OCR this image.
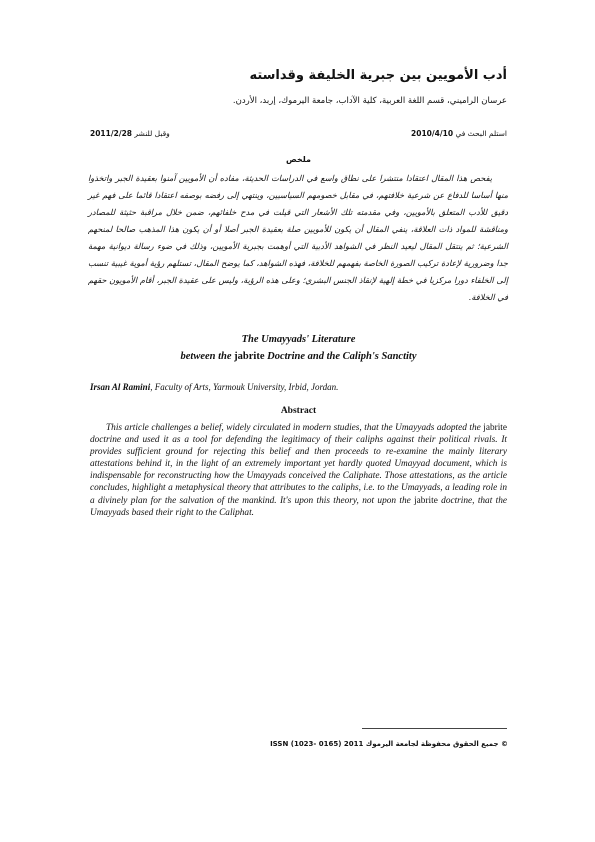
أدب الأمويين بين جبرية الخليفة وقداسته
عرسان الراميني، قسم اللغة العربية، كلية الآداب، جامعة اليرموك، إربد، الأردن.
استلم البحث في 2010/4/10
وقبل للنشر 2011/2/28
ملخص
يفحص هذا المقال اعتقادا منتشرا على نطاق واسع في الدراسات الحديثة، مفاده أن الأمويين آمنوا بعقيدة الجبر واتخذوا منها أساسا للدفاع عن شرعية خلافتهم، في مقابل خصومهم السياسيين، وينتهي إلى رفضه بوصفه اعتقادا قائما على فهم غير دقيق للأدب المتعلق بالأمويين، وفي مقدمته تلك الأشعار التي قيلت في مدح خلفائهم، ضمن خلال مراقبة حثيثة للمصادر ومناقشة للمواد ذات العلاقة، ينفي المقال أن يكون للأمويين صلة بعقيدة الجبر أصلا أو أن يكون هذا المذهب صالحا لمنحهم الشرعية؛ ثم ينتقل المقال ليعيد النظر في الشواهد الأدبية التي أوهمت بجبرية الأمويين، وذلك في ضوء رسالة ديوانية مهمة جدا وضرورية لإعادة تركيب الصورة الخاصة بفهمهم للخلافة، فهذه الشواهد، كما يوضح المقال، تستلهم رؤية أموية غيبية تنسب إلى الخلفاء دورا مركزيا في خطة إلهية لإنقاذ الجنس البشري؛ وعلى هذه الرؤية، وليس على عقيدة الجبر، أقام الأمويون حقهم في الخلافة.
The Umayyads' Literature
between the jabrite Doctrine and the Caliph's Sanctity
Irsan Al Ramini, Faculty of Arts, Yarmouk University, Irbid, Jordan.
Abstract
This article challenges a belief, widely circulated in modern studies, that the Umayyads adopted the jabrite doctrine and used it as a tool for defending the legitimacy of their caliphs against their political rivals. It provides sufficient ground for rejecting this belief and then proceeds to re-examine the mainly literary attestations behind it, in the light of an extremely important yet hardly quoted Umayyad document, which is indispensable for reconstructing how the Umayyads conceived the Caliphate. Those attestations, as the article concludes, highlight a metaphysical theory that attributes to the caliphs, i.e. to the Umayyads, a leading role in a divinely plan for the salvation of the mankind. It's upon this theory, not upon the jabrite doctrine, that the Umayyads based their right to the Caliphat.
© جميع الحقوق محفوظة لجامعة اليرموك ISSN (1023- 0165) 2011
